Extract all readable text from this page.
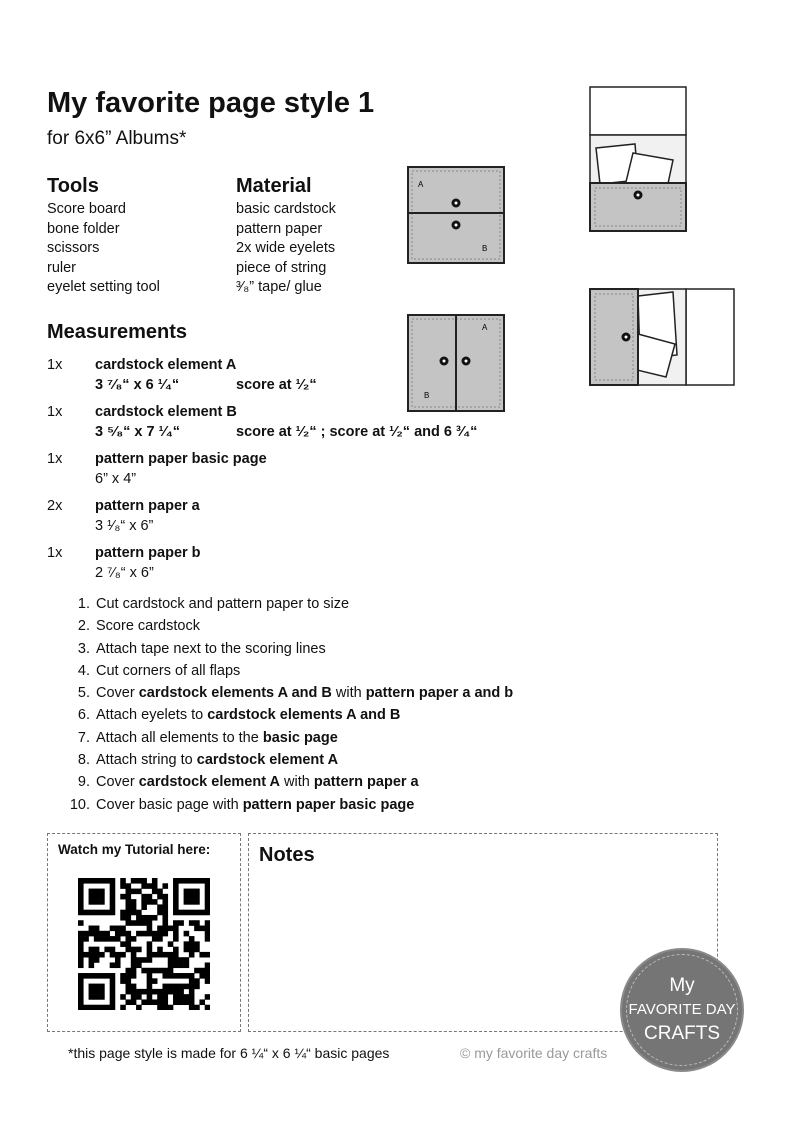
My favorite page style 1
for 6x6” Albums*
Tools
Score board
bone folder
scissors
ruler
eyelet setting tool
Material
basic cardstock
pattern paper
2x wide eyelets
piece of string
³⁄₈” tape/ glue
Measurements
1x	cardstock element A
3 ⁷⁄₈“ x 6 ¹⁄₄“	score at ¹⁄₂“
1x	cardstock element B
3 ⁵⁄₈“ x 7 ¹⁄₄“	score at ¹⁄₂“ ; score at ¹⁄₂“ and 6 ³⁄₄“
1x	pattern paper basic page
6” x 4”
2x	pattern paper a
3 ¹⁄₈“ x 6”
1x	pattern paper b
2 ⁷⁄₈“ x 6”
1. Cut cardstock and pattern paper to size
2. Score cardstock
3. Attach tape next to the scoring lines
4. Cut corners of all flaps
5. Cover cardstock elements A and B with pattern paper a and b
6. Attach eyelets to cardstock elements A and B
7. Attach all elements to the basic page
8. Attach string to cardstock element A
9. Cover cardstock element A with pattern paper a
10. Cover basic page with pattern paper basic page
A
B
A
B
Watch my Tutorial here: Notes
*this page style is made for 6 ¼“ x 6 ¼“ basic pages	© my favorite day crafts
My
FAVORITE DAY
CRAFTS
